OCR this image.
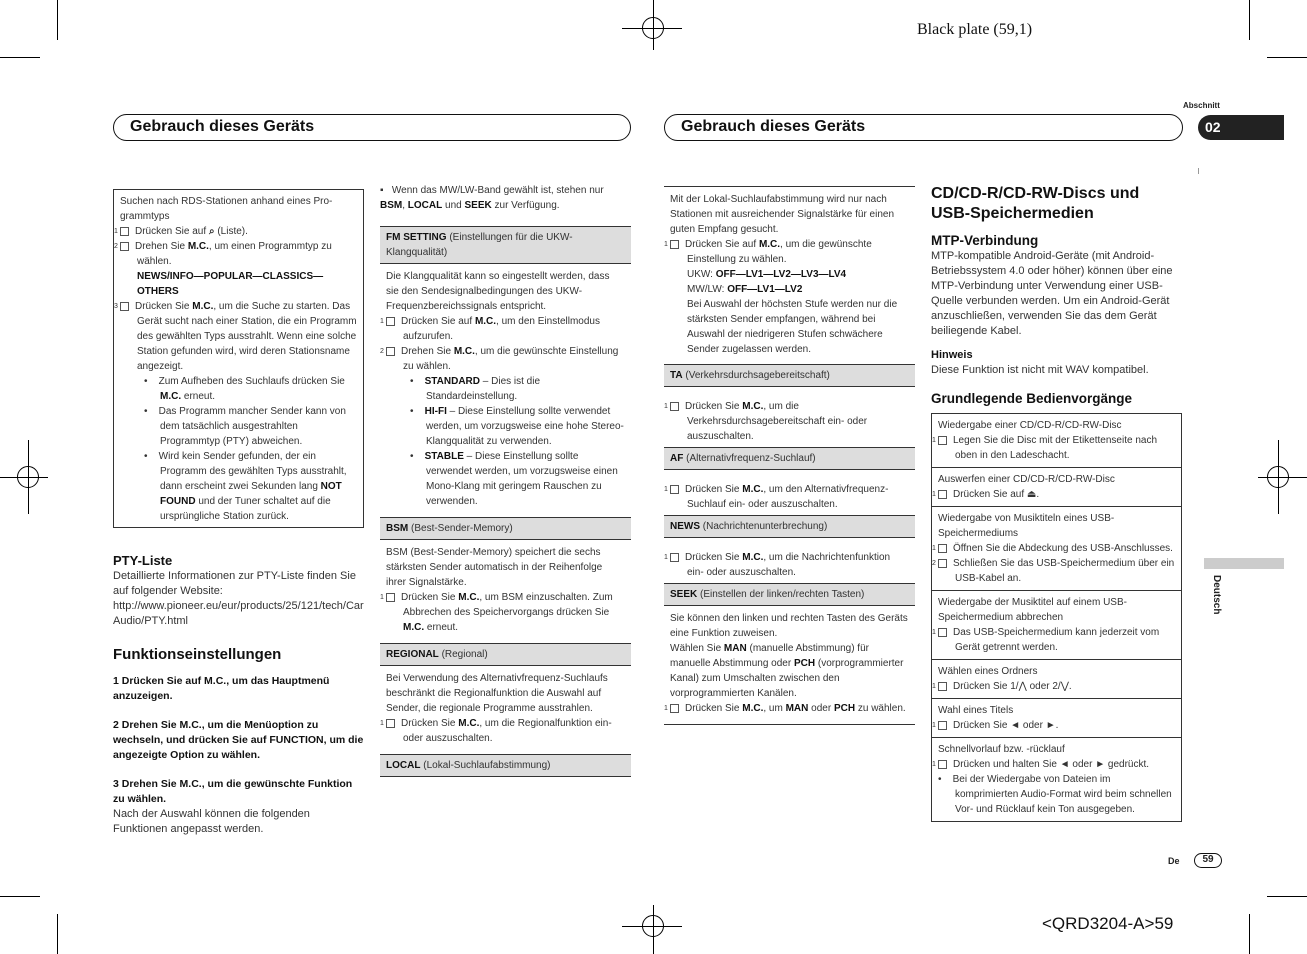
Black plate (59,1)
<QRD3204-A>59
Gebrauch dieses Geräts	Gebrauch dieses Geräts
Abschnitt
02
Suchen nach RDS-Stationen anhand eines Pro-
grammtyps
1 Drücken Sie auf ⌕ (Liste).
2 Drehen Sie M.C., um einen Programmtyp zu wählen.
NEWS/INFO—POPULAR—CLASSICS—OTHERS
3 Drücken Sie M.C., um die Suche zu starten. Das Gerät sucht nach einer Station, die ein Programm des gewählten Typs ausstrahlt. Wenn eine solche Station gefunden wird, wird deren Stationsname angezeigt.
•    Zum Aufheben des Suchlaufs drücken Sie M.C. erneut.
•    Das Programm mancher Sender kann von dem tatsächlich ausgestrahlten Programmtyp (PTY) abweichen.
•    Wird kein Sender gefunden, der ein Programm des gewählten Typs ausstrahlt, dann erscheint zwei Sekunden lang NOT FOUND und der Tuner schaltet auf die ursprüngliche Station zurück.
PTY-Liste
Detaillierte Informationen zur PTY-Liste finden Sie auf folgender Website:
http://www.pioneer.eu/eur/products/25/121/tech/CarAudio/PTY.html
Funktionseinstellungen
1 Drücken Sie auf M.C., um das Hauptmenü anzuzeigen.
2 Drehen Sie M.C., um die Menüoption zu wechseln, und drücken Sie auf FUNCTION, um die angezeigte Option zu wählen.
3 Drehen Sie M.C., um die gewünschte Funktion zu wählen.
Nach der Auswahl können die folgenden Funktionen angepasst werden.
▪ Wenn das MW/LW-Band gewählt ist, stehen nur BSM, LOCAL und SEEK zur Verfügung.
FM SETTING (Einstellungen für die UKW-Klangqualität)
Die Klangqualität kann so eingestellt werden, dass sie den Sendesignalbedingungen des UKW-Frequenzbereichssignals entspricht.
1 Drücken Sie auf M.C., um den Einstellmodus aufzurufen.
2 Drehen Sie M.C., um die gewünschte Einstellung zu wählen.
•    STANDARD – Dies ist die Standardeinstellung.
•    HI-FI – Diese Einstellung sollte verwendet werden, um vorzugsweise eine hohe Stereo-Klangqualität zu verwenden.
•    STABLE – Diese Einstellung sollte verwendet werden, um vorzugsweise einen Mono-Klang mit geringem Rauschen zu verwenden.
BSM (Best-Sender-Memory)
BSM (Best-Sender-Memory) speichert die sechs stärksten Sender automatisch in der Reihenfolge ihrer Signalstärke.
1 Drücken Sie M.C., um BSM einzuschalten. Zum Abbrechen des Speichervorgangs drücken Sie M.C. erneut.
REGIONAL (Regional)
Bei Verwendung des Alternativfrequenz-Suchlaufs beschränkt die Regionalfunktion die Auswahl auf Sender, die regionale Programme ausstrahlen.
1 Drücken Sie M.C., um die Regionalfunktion ein- oder auszuschalten.
LOCAL (Lokal-Suchlaufabstimmung)
Mit der Lokal-Suchlaufabstimmung wird nur nach Stationen mit ausreichender Signalstärke für einen guten Empfang gesucht.
1 Drücken Sie auf M.C., um die gewünschte Einstellung zu wählen.
UKW: OFF—LV1—LV2—LV3—LV4
MW/LW: OFF—LV1—LV2
Bei Auswahl der höchsten Stufe werden nur die stärksten Sender empfangen, während bei Auswahl der niedrigeren Stufen schwächere Sender zugelassen werden.
TA (Verkehrsdurchsagebereitschaft)
1 Drücken Sie M.C., um die Verkehrsdurchsagebereitschaft ein- oder auszuschalten.
AF (Alternativfrequenz-Suchlauf)
1 Drücken Sie M.C., um den Alternativfrequenz-Suchlauf ein- oder auszuschalten.
NEWS (Nachrichtenunterbrechung)
1 Drücken Sie M.C., um die Nachrichtenfunktion ein- oder auszuschalten.
SEEK (Einstellen der linken/rechten Tasten)
Sie können den linken und rechten Tasten des Geräts eine Funktion zuweisen.
Wählen Sie MAN (manuelle Abstimmung) für manuelle Abstimmung oder PCH (vorprogrammierter Kanal) zum Umschalten zwischen den vorprogrammierten Kanälen.
1 Drücken Sie M.C., um MAN oder PCH zu wählen.
CD/CD-R/CD-RW-Discs und USB-Speichermedien
MTP-Verbindung
MTP-kompatible Android-Geräte (mit Android-Betriebssystem 4.0 oder höher) können über eine MTP-Verbindung unter Verwendung einer USB-Quelle verbunden werden. Um ein Android-Gerät anzuschließen, verwenden Sie das dem Gerät beiliegende Kabel.
Hinweis
Diese Funktion ist nicht mit WAV kompatibel.
Grundlegende Bedienvorgänge
Wiedergabe einer CD/CD-R/CD-RW-Disc
1 Legen Sie die Disc mit der Etikettenseite nach oben in den Ladeschacht.
Auswerfen einer CD/CD-R/CD-RW-Disc
1 Drücken Sie auf ⏏.
Wiedergabe von Musiktiteln eines USB-Speichermediums
1 Öffnen Sie die Abdeckung des USB-Anschlusses.
2 Schließen Sie das USB-Speichermedium über ein USB-Kabel an.
Wiedergabe der Musiktitel auf einem USB-Speichermedium abbrechen
1 Das USB-Speichermedium kann jederzeit vom Gerät getrennt werden.
Wählen eines Ordners
1 Drücken Sie 1/⋀ oder 2/⋁.
Wahl eines Titels
1 Drücken Sie ◄ oder ►.
Schnellvorlauf bzw. -rücklauf
1 Drücken und halten Sie ◄ oder ► gedrückt.
•    Bei der Wiedergabe von Dateien im komprimierten Audio-Format wird beim schnellen Vor- und Rücklauf kein Ton ausgegeben.
Deutsch
De	59
